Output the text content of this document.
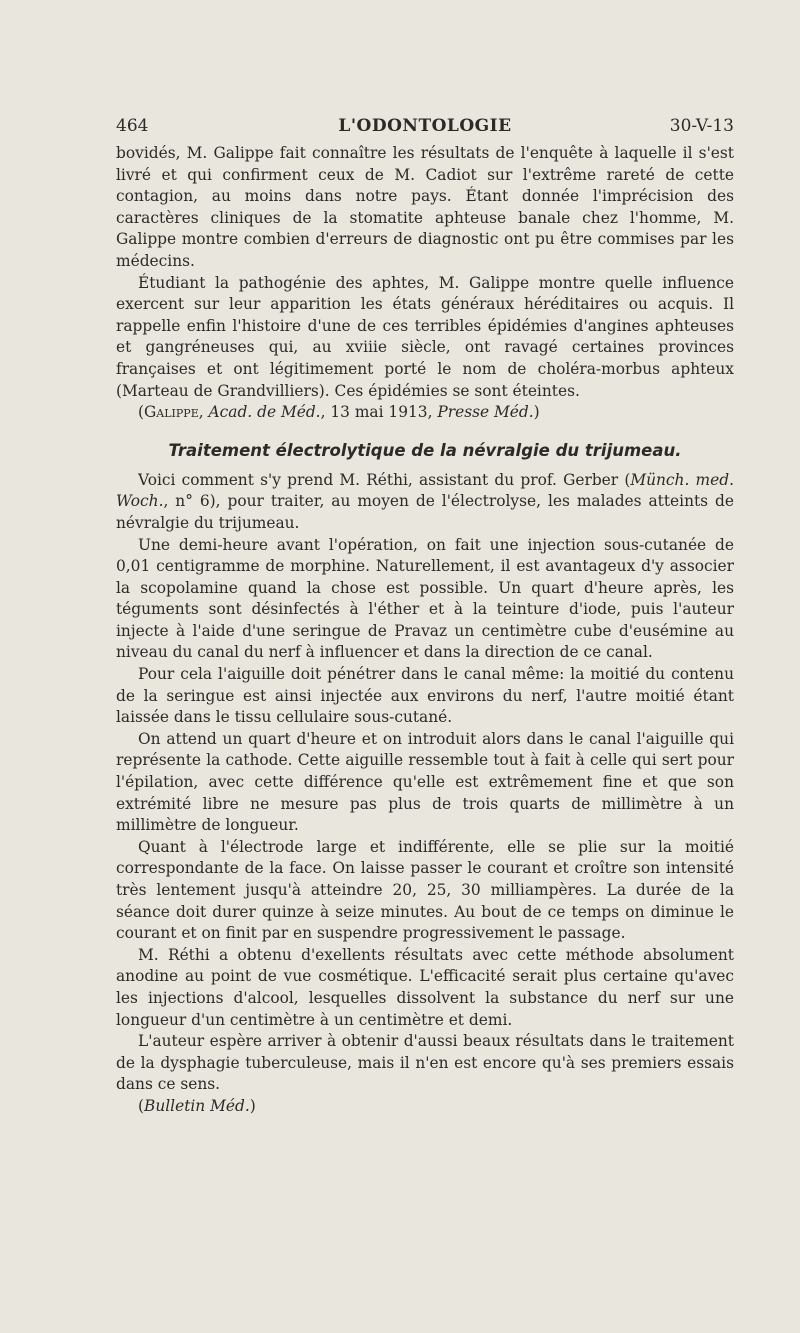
464	L'ODONTOLOGIE	30-V-13

bovidés, M. Galippe fait connaître les résultats de l'enquête à laquelle il s'est livré et qui confirment ceux de M. Cadiot sur l'extrême rareté de cette contagion, au moins dans notre pays. Étant donnée l'imprécision des caractères cliniques de la stomatite aphteuse banale chez l'homme, M. Galippe montre combien d'erreurs de diagnostic ont pu être commises par les médecins.

Étudiant la pathogénie des aphtes, M. Galippe montre quelle influence exercent sur leur apparition les états généraux héréditaires ou acquis. Il rappelle enfin l'histoire d'une de ces terribles épidémies d'angines aphteuses et gangréneuses qui, au xviiie siècle, ont ravagé certaines provinces françaises et ont légitimement porté le nom de choléra-morbus aphteux (Marteau de Grandvilliers). Ces épidémies se sont éteintes.

(Galippe, Acad. de Méd., 13 mai 1913, Presse Méd.)

Traitement électrolytique de la névralgie du trijumeau.

Voici comment s'y prend M. Réthi, assistant du prof. Gerber (Münch. med. Woch., n° 6), pour traiter, au moyen de l'électrolyse, les malades atteints de névralgie du trijumeau.

Une demi-heure avant l'opération, on fait une injection sous-cutanée de 0,01 centigramme de morphine. Naturellement, il est avantageux d'y associer la scopolamine quand la chose est possible. Un quart d'heure après, les téguments sont désinfectés à l'éther et à la teinture d'iode, puis l'auteur injecte à l'aide d'une seringue de Pravaz un centimètre cube d'eusémine au niveau du canal du nerf à influencer et dans la direction de ce canal.

Pour cela l'aiguille doit pénétrer dans le canal même: la moitié du contenu de la seringue est ainsi injectée aux environs du nerf, l'autre moitié étant laissée dans le tissu cellulaire sous-cutané.

On attend un quart d'heure et on introduit alors dans le canal l'aiguille qui représente la cathode. Cette aiguille ressemble tout à fait à celle qui sert pour l'épilation, avec cette différence qu'elle est extrêmement fine et que son extrémité libre ne mesure pas plus de trois quarts de millimètre à un millimètre de longueur.

Quant à l'électrode large et indifférente, elle se plie sur la moitié correspondante de la face. On laisse passer le courant et croître son intensité très lentement jusqu'à atteindre 20, 25, 30 milliampères. La durée de la séance doit durer quinze à seize minutes. Au bout de ce temps on diminue le courant et on finit par en suspendre progressivement le passage.

M. Réthi a obtenu d'exellents résultats avec cette méthode absolument anodine au point de vue cosmétique. L'efficacité serait plus certaine qu'avec les injections d'alcool, lesquelles dissolvent la substance du nerf sur une longueur d'un centimètre à un centimètre et demi.

L'auteur espère arriver à obtenir d'aussi beaux résultats dans le traitement de la dysphagie tuberculeuse, mais il n'en est encore qu'à ses premiers essais dans ce sens.

(Bulletin Méd.)
